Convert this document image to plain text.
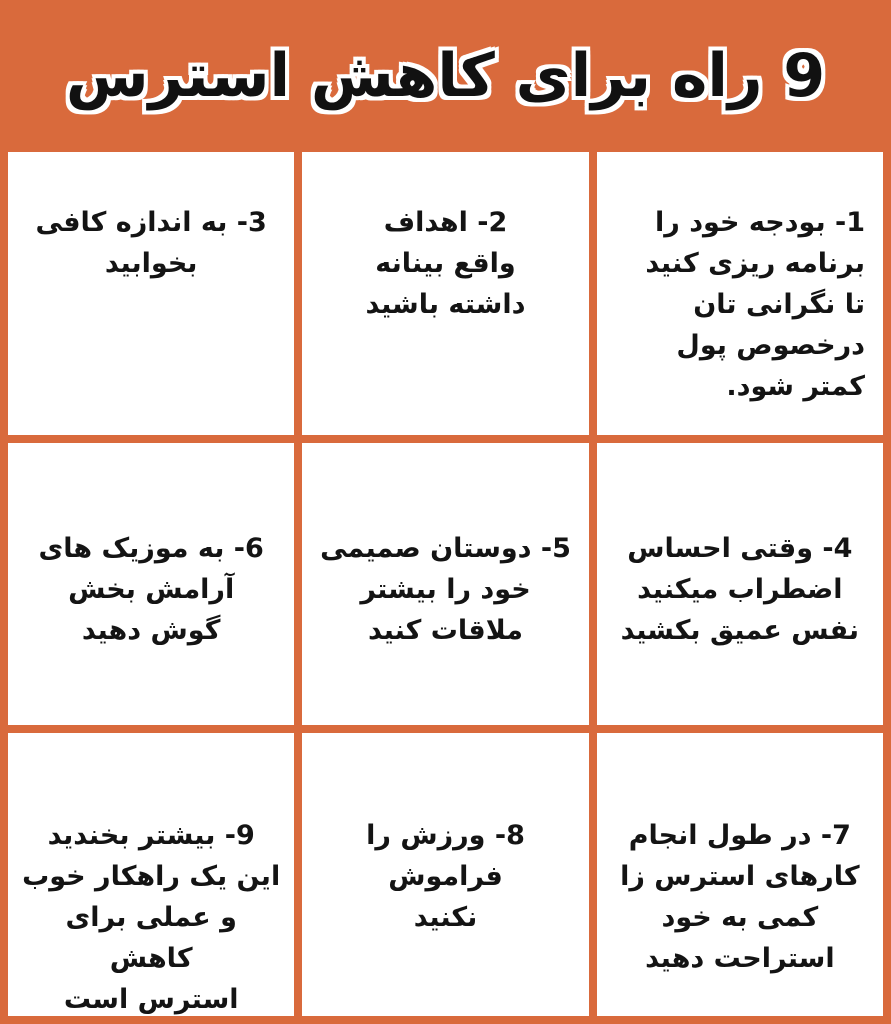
9 راه برای کاهش استرس
1- بودجه خود را
برنامه ریزی کنید
تا نگرانی تان
درخصوص پول
کمتر شود.
2- اهداف
واقع بینانه
داشته باشید
3- به اندازه کافی
بخوابید
4- وقتی احساس
اضطراب میکنید
نفس عمیق بکشید
5- دوستان صمیمی
خود را بیشتر
ملاقات کنید
6- به موزیک های
آرامش بخش
گوش دهید
7- در طول انجام
کارهای استرس زا
کمی به خود
استراحت دهید
8- ورزش را
فراموش
نکنید
9- بیشتر بخندید
این یک راهکار خوب
و عملی برای کاهش
استرس است
